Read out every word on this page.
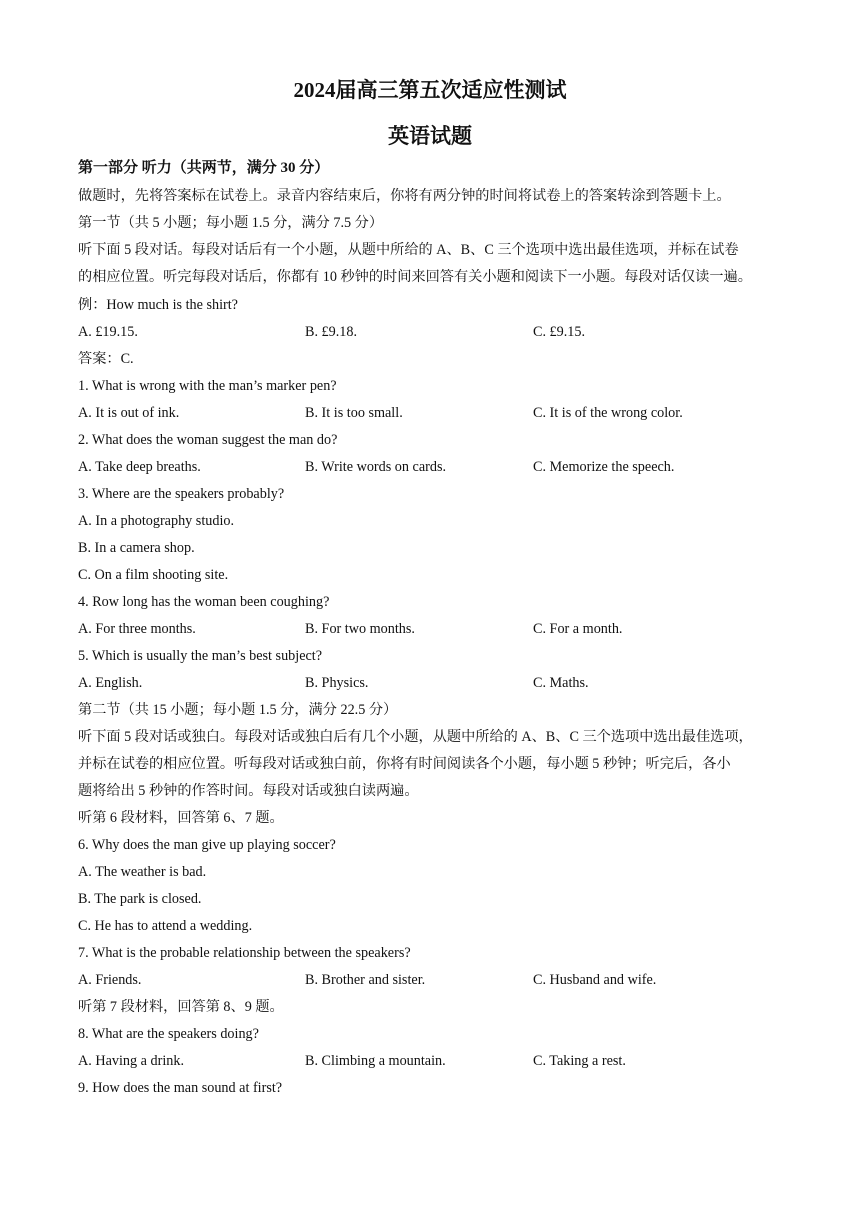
2024届高三第五次适应性测试
英语试题
第一部分 听力（共两节，满分 30 分）
做题时，先将答案标在试卷上。录音内容结束后，你将有两分钟的时间将试卷上的答案转涂到答题卡上。
第一节（共 5 小题；每小题 1.5 分，满分 7.5 分）
听下面 5 段对话。每段对话后有一个小题，从题中所给的 A、B、C 三个选项中选出最佳选项，并标在试卷
的相应位置。听完每段对话后，你都有 10 秒钟的时间来回答有关小题和阅读下一小题。每段对话仅读一遍。
例：How much is the shirt?
A. £19.15.	B. £9.18.	C. £9.15.
答案：C.
1. What is wrong with the man’s marker pen?
A. It is out of ink.	B. It is too small.	C. It is of the wrong color.
2. What does the woman suggest the man do?
A. Take deep breaths.	B. Write words on cards.	C. Memorize the speech.
3. Where are the speakers probably?
A. In a photography studio.
B. In a camera shop.
C. On a film shooting site.
4. Row long has the woman been coughing?
A. For three months.	B. For two months.	C. For a month.
5. Which is usually the man’s best subject?
A. English.	B. Physics.	C. Maths.
第二节（共 15 小题；每小题 1.5 分，满分 22.5 分）
听下面 5 段对话或独白。每段对话或独白后有几个小题，从题中所给的 A、B、C 三个选项中选出最佳选项，
并标在试卷的相应位置。听每段对话或独白前，你将有时间阅读各个小题，每小题 5 秒钟；听完后，各小
题将给出 5 秒钟的作答时间。每段对话或独白读两遍。
听第 6 段材料，回答第 6、7 题。
6. Why does the man give up playing soccer?
A. The weather is bad.
B. The park is closed.
C. He has to attend a wedding.
7. What is the probable relationship between the speakers?
A. Friends.	B. Brother and sister.	C. Husband and wife.
听第 7 段材料，回答第 8、9 题。
8. What are the speakers doing?
A. Having a drink.	B. Climbing a mountain.	C. Taking a rest.
9. How does the man sound at first?
